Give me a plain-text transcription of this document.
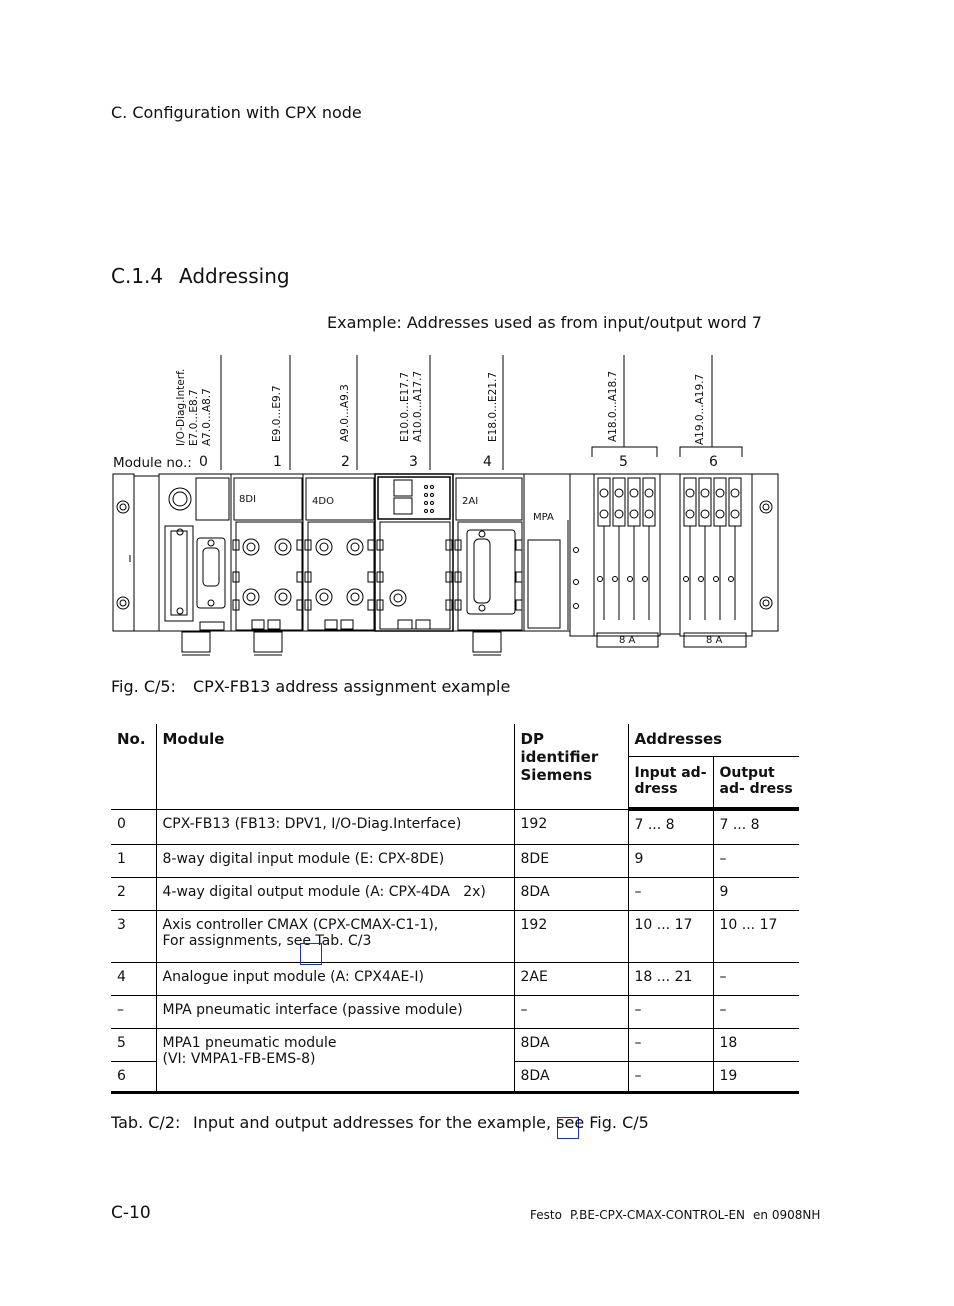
C. Configuration with CPX node
C.1.4 Addressing
Example: Addresses used as from input/output word 7
I/O-Diag.Interf. E7.0...E8.7 A7.0...A8.7	E9.0...E9.7	A9.0...A9.3	E10.0...E17.7 A10.0...A17.7	E18.0...E21.7	A18.0...A18.7	A19.0...A19.7
Module no.: 0	1	2	3	4	5	6
8DI	4DO	2AI
MPA
8 A	8 A
Fig. C/5: CPX-FB13 address assignment example
No.	Module	DP identifier Siemens	Addresses	
			Input ad- dress	Output ad- dress
0	CPX-FB13 (FB13: DPV1, I/O-Diag.Interface)	192	7 ... 8	7 ... 8
1	8-way digital input module (E: CPX-8DE)	8DE	9	–
2	4-way digital output module (A: CPX-4DA   2x)	8DA	–	9
3	Axis controller CMAX (CPX-CMAX-C1-1),
For assignments, see Tab. C/3	192	10 ... 17	10 ... 17
4	Analogue input module (A: CPX4AE-I)	2AE	18 ... 21	–
–	MPA pneumatic interface (passive module)	–	–	–
5	MPA1 pneumatic module
(VI: VMPA1-FB-EMS-8)	8DA	–	18
6		8DA	–	19
Tab. C/2: Input and output addresses for the example, see Fig. C/5
C-10	Festo P.BE-CPX-CMAX-CONTROL-EN en 0908NH
